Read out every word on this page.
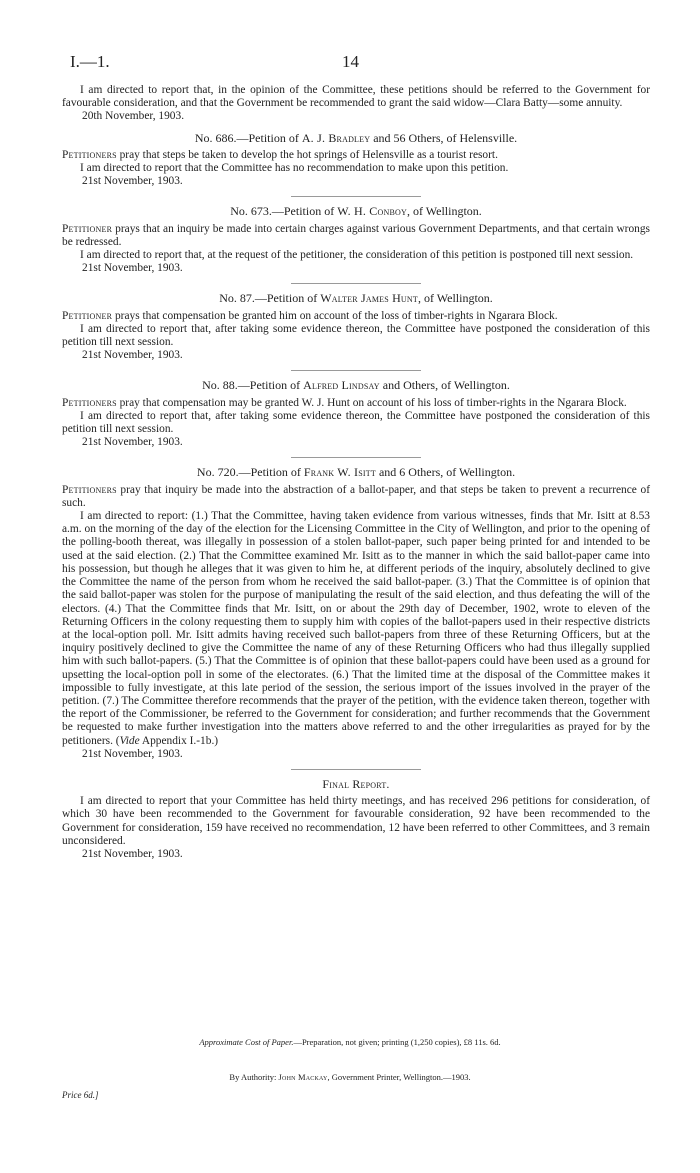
I.—1.	14

I am directed to report that, in the opinion of the Committee, these petitions should be referred to the Government for favourable consideration, and that the Government be recommended to grant the said widow—Clara Batty—some annuity.

20th November, 1903.

No. 686.—Petition of A. J. Bradley and 56 Others, of Helensville.

Petitioners pray that steps be taken to develop the hot springs of Helensville as a tourist resort.

I am directed to report that the Committee has no recommendation to make upon this petition.

21st November, 1903.

No. 673.—Petition of W. H. Conboy, of Wellington.

Petitioner prays that an inquiry be made into certain charges against various Government Departments, and that certain wrongs be redressed.

I am directed to report that, at the request of the petitioner, the consideration of this petition is postponed till next session.

21st November, 1903.

No. 87.—Petition of Walter James Hunt, of Wellington.

Petitioner prays that compensation be granted him on account of the loss of timber-rights in Ngarara Block.

I am directed to report that, after taking some evidence thereon, the Committee have postponed the consideration of this petition till next session.

21st November, 1903.

No. 88.—Petition of Alfred Lindsay and Others, of Wellington.

Petitioners pray that compensation may be granted W. J. Hunt on account of his loss of timber-rights in the Ngarara Block.

I am directed to report that, after taking some evidence thereon, the Committee have postponed the consideration of this petition till next session.

21st November, 1903.

No. 720.—Petition of Frank W. Isitt and 6 Others, of Wellington.

Petitioners pray that inquiry be made into the abstraction of a ballot-paper, and that steps be taken to prevent a recurrence of such.

I am directed to report: (1.) That the Committee, having taken evidence from various witnesses, finds that Mr. Isitt at 8.53 a.m. on the morning of the day of the election for the Licensing Committee in the City of Wellington, and prior to the opening of the polling-booth thereat, was illegally in possession of a stolen ballot-paper, such paper being printed for and intended to be used at the said election. (2.) That the Committee examined Mr. Isitt as to the manner in which the said ballot-paper came into his possession, but though he alleges that it was given to him he, at different periods of the inquiry, absolutely declined to give the Committee the name of the person from whom he received the said ballot-paper. (3.) That the Committee is of opinion that the said ballot-paper was stolen for the purpose of manipulating the result of the said election, and thus defeating the will of the electors. (4.) That the Committee finds that Mr. Isitt, on or about the 29th day of December, 1902, wrote to eleven of the Returning Officers in the colony requesting them to supply him with copies of the ballot-papers used in their respective districts at the local-option poll. Mr. Isitt admits having received such ballot-papers from three of these Returning Officers, but at the inquiry positively declined to give the Committee the name of any of these Returning Officers who had thus illegally supplied him with such ballot-papers. (5.) That the Committee is of opinion that these ballot-papers could have been used as a ground for upsetting the local-option poll in some of the electorates. (6.) That the limited time at the disposal of the Committee makes it impossible to fully investigate, at this late period of the session, the serious import of the issues involved in the prayer of the petition. (7.) The Committee therefore recommends that the prayer of the petition, with the evidence taken thereon, together with the report of the Commissioner, be referred to the Government for consideration; and further recommends that the Government be requested to make further investigation into the matters above referred to and the other irregularities as prayed for by the petitioners. (Vide Appendix I.-1b.)

21st November, 1903.

Final Report.

I am directed to report that your Committee has held thirty meetings, and has received 296 petitions for consideration, of which 30 have been recommended to the Government for favourable consideration, 92 have been recommended to the Government for consideration, 159 have received no recommendation, 12 have been referred to other Committees, and 3 remain unconsidered.

21st November, 1903.

Approximate Cost of Paper.—Preparation, not given; printing (1,250 copies), £8 11s. 6d.
By Authority: John Mackay, Government Printer, Wellington.—1903.
Price 6d.]
